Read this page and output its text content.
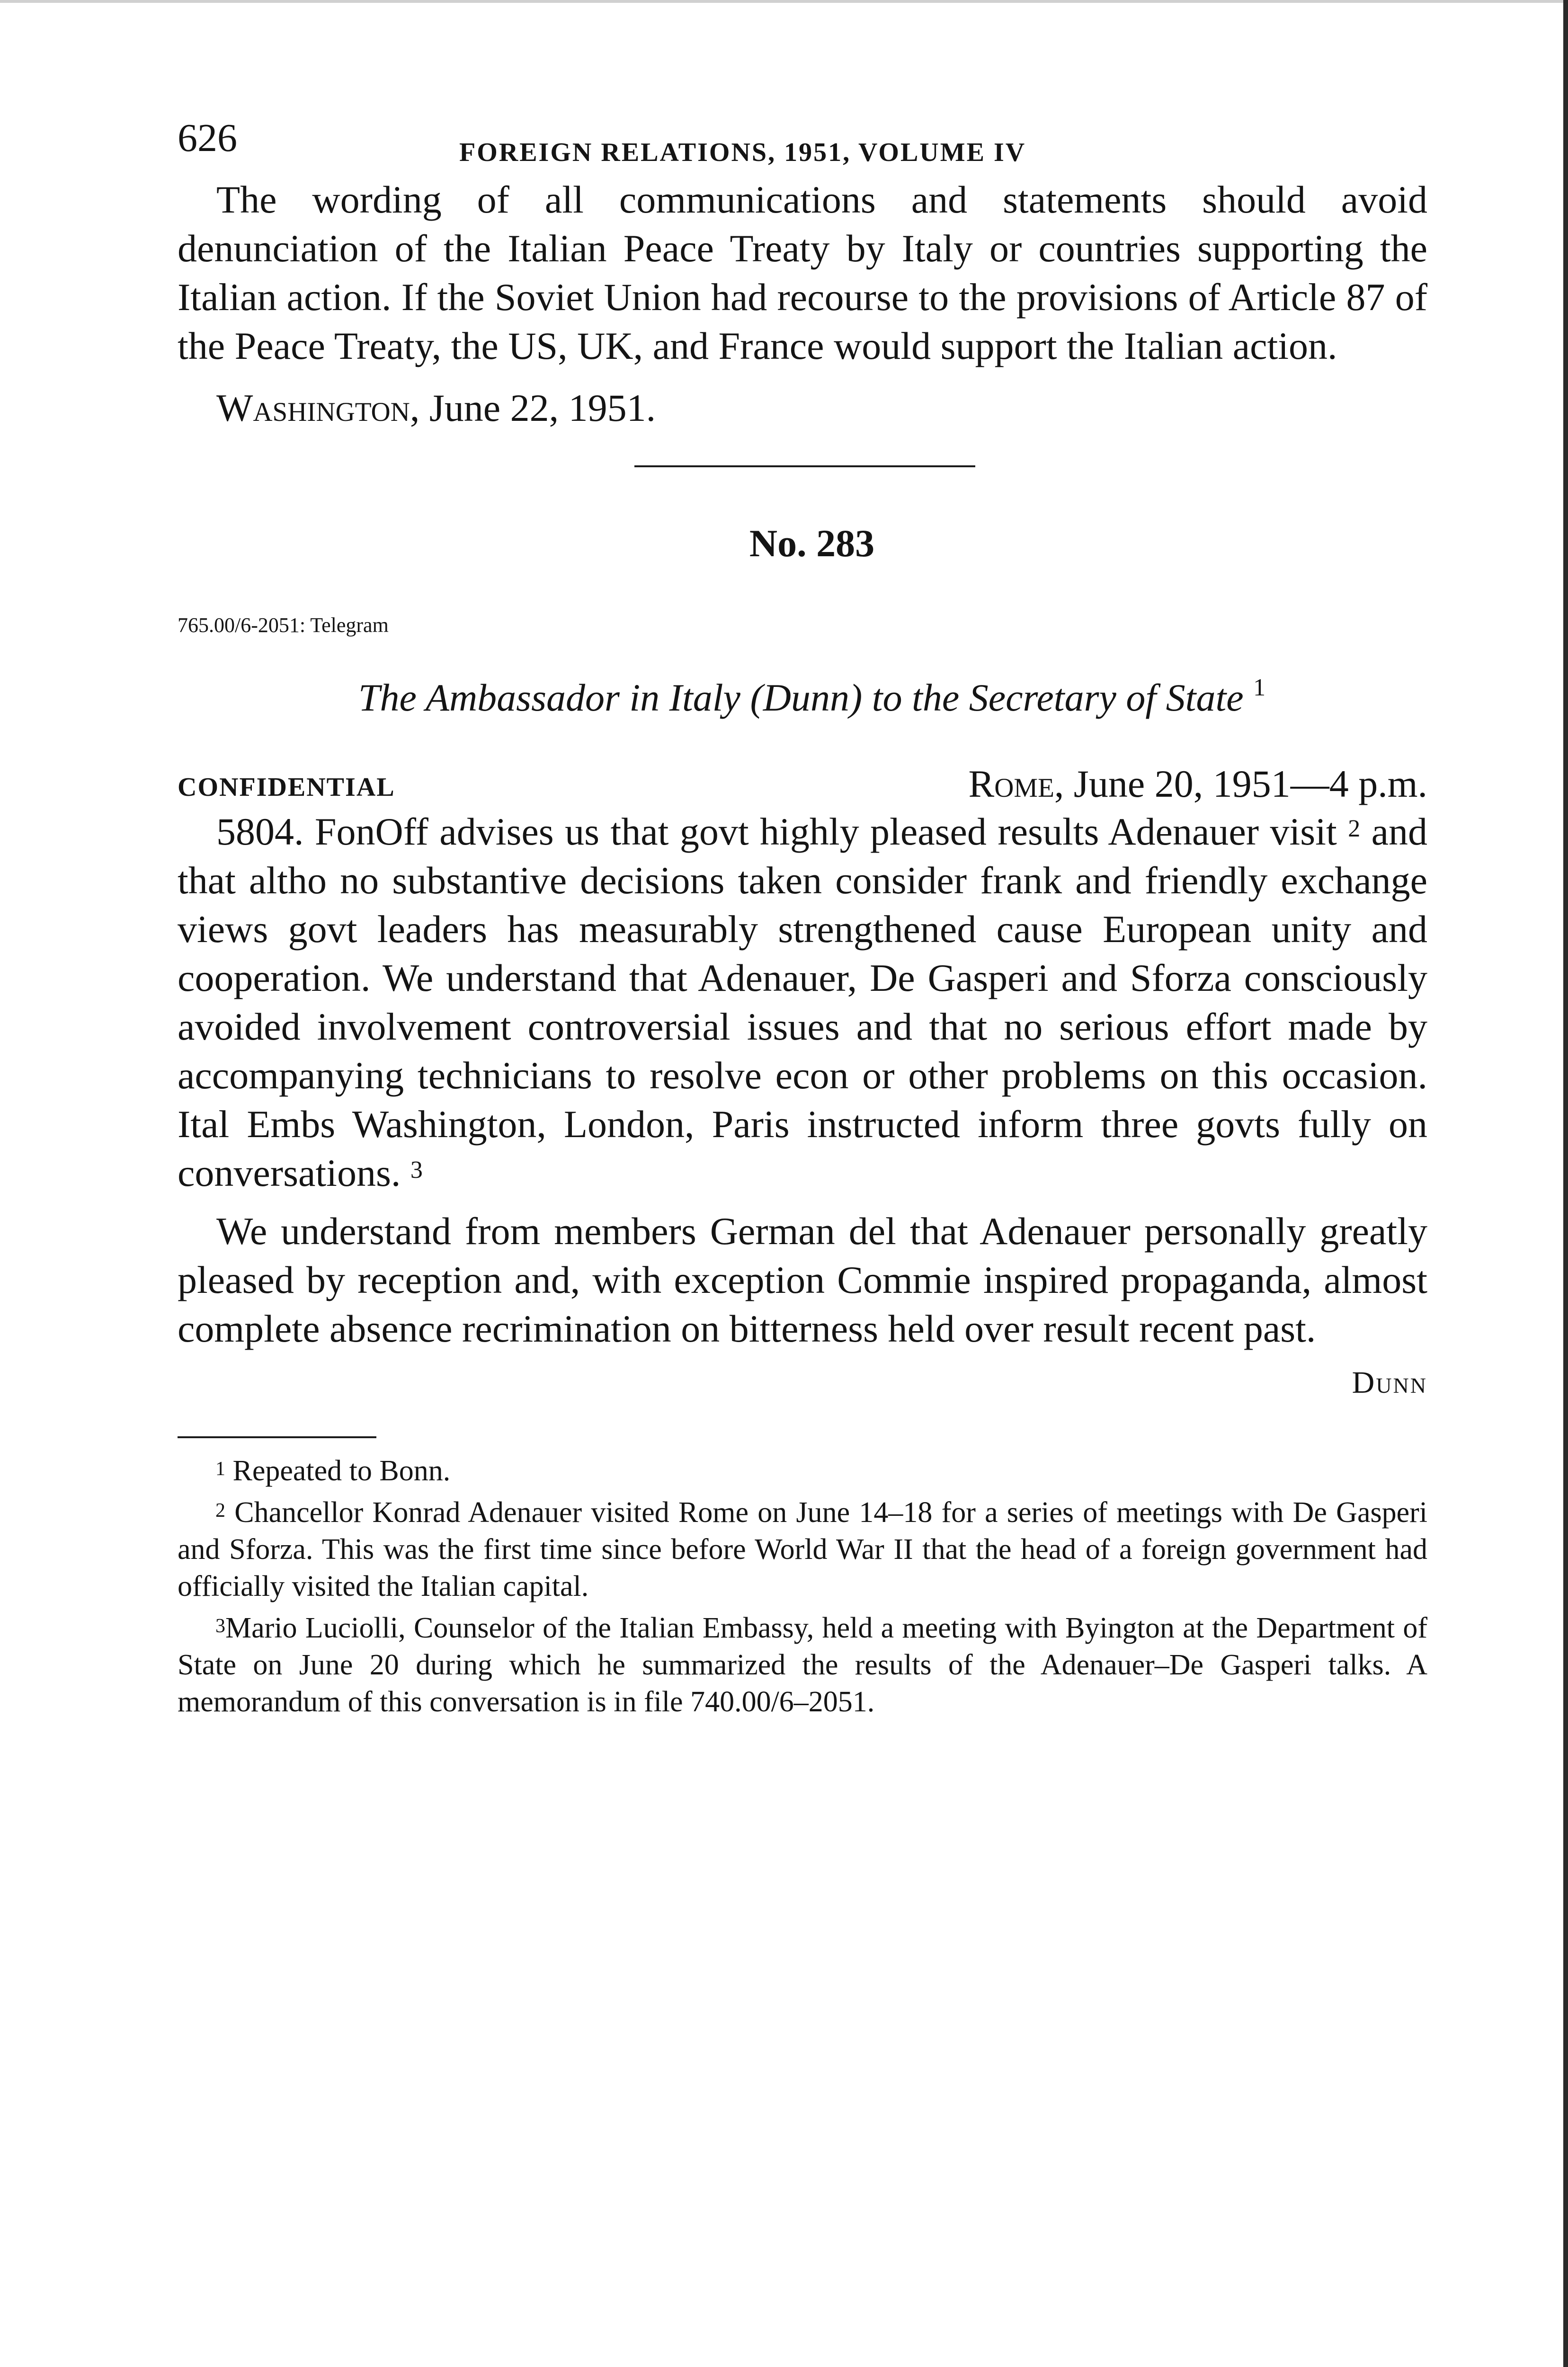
626	FOREIGN RELATIONS, 1951, VOLUME IV

The wording of all communications and statements should avoid denunciation of the Italian Peace Treaty by Italy or countries supporting the Italian action. If the Soviet Union had recourse to the provisions of Article 87 of the Peace Treaty, the US, UK, and France would support the Italian action.

Washington, June 22, 1951.
No. 283
765.00/6-2051: Telegram
The Ambassador in Italy (Dunn) to the Secretary of State $^1$
CONFIDENTIAL	Rome, June 20, 1951—4 p.m.

5804. FonOff advises us that govt highly pleased results Adenauer visit $^2$ and that altho no substantive decisions taken consider frank and friendly exchange views govt leaders has measurably strengthened cause European unity and cooperation. We understand that Adenauer, De Gasperi and Sforza consciously avoided involvement controversial issues and that no serious effort made by accompanying technicians to resolve econ or other problems on this occasion. Ital Embs Washington, London, Paris instructed inform three govts fully on conversations. $^3$

We understand from members German del that Adenauer personally greatly pleased by reception and, with exception Commie inspired propaganda, almost complete absence recrimination on bitterness held over result recent past.

Dunn

$^1$ Repeated to Bonn.

$^2$ Chancellor Konrad Adenauer visited Rome on June 14–18 for a series of meetings with De Gasperi and Sforza. This was the first time since before World War II that the head of a foreign government had officially visited the Italian capital.

$^3$Mario Luciolli, Counselor of the Italian Embassy, held a meeting with Byington at the Department of State on June 20 during which he summarized the results of the Adenauer–De Gasperi talks. A memorandum of this conversation is in file 740.00/6–2051.
